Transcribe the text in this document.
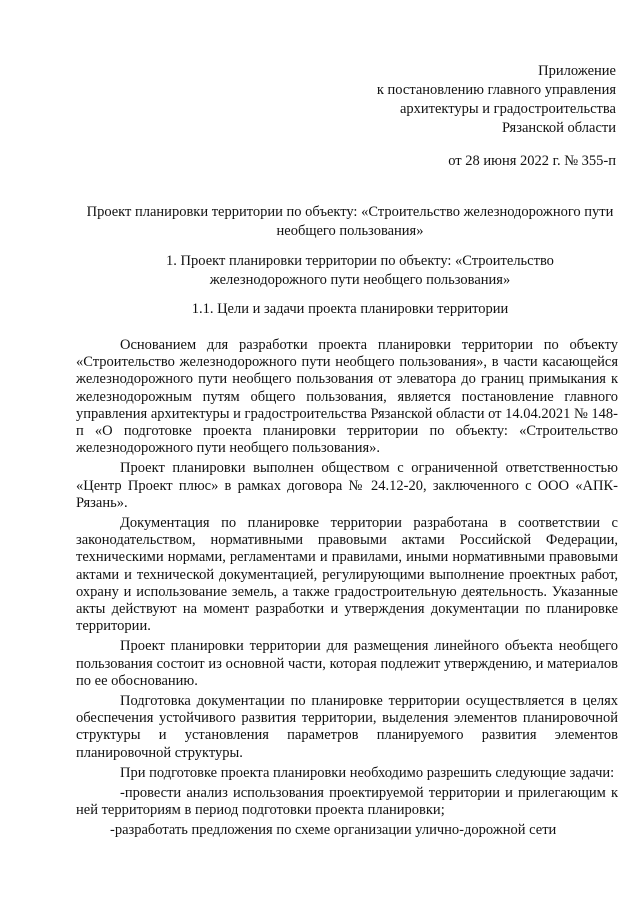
Приложение
к постановлению главного управления
архитектуры и градостроительства
Рязанской области
от 28 июня 2022 г. № 355-п
Проект планировки территории по объекту: «Строительство железнодорожного пути необщего пользования»
1. Проект планировки территории по объекту: «Строительство железнодорожного пути необщего пользования»
1.1. Цели и задачи проекта планировки территории

Основанием для разработки проекта планировки территории по объекту «Строительство железнодорожного пути необщего пользования», в части касающейся железнодорожного пути необщего пользования от элеватора до границ примыкания к железнодорожным путям общего пользования, является постановление главного управления архитектуры и градостроительства Рязанской области от 14.04.2021 № 148-п «О подготовке проекта планировки территории по объекту: «Строительство железнодорожного пути необщего пользования».

Проект планировки выполнен обществом с ограниченной ответственностью «Центр Проект плюс» в рамках договора № 24.12-20, заключенного с ООО «АПК-Рязань».

Документация по планировке территории разработана в соответствии с законодательством, нормативными правовыми актами Российской Федерации, техническими нормами, регламентами и правилами, иными нормативными правовыми актами и технической документацией, регулирующими выполнение проектных работ, охрану и использование земель, а также градостроительную деятельность. Указанные акты действуют на момент разработки и утверждения документации по планировке территории.

Проект планировки территории для размещения линейного объекта необщего пользования состоит из основной части, которая подлежит утверждению, и материалов по ее обоснованию.

Подготовка документации по планировке территории осуществляется в целях обеспечения устойчивого развития территории, выделения элементов планировочной структуры и установления параметров планируемого развития элементов планировочной структуры.

При подготовке проекта планировки необходимо разрешить следующие задачи:

-провести анализ использования проектируемой территории и прилегающим к ней территориям в период подготовки проекта планировки;

-разработать предложения по схеме организации улично-дорожной сети
